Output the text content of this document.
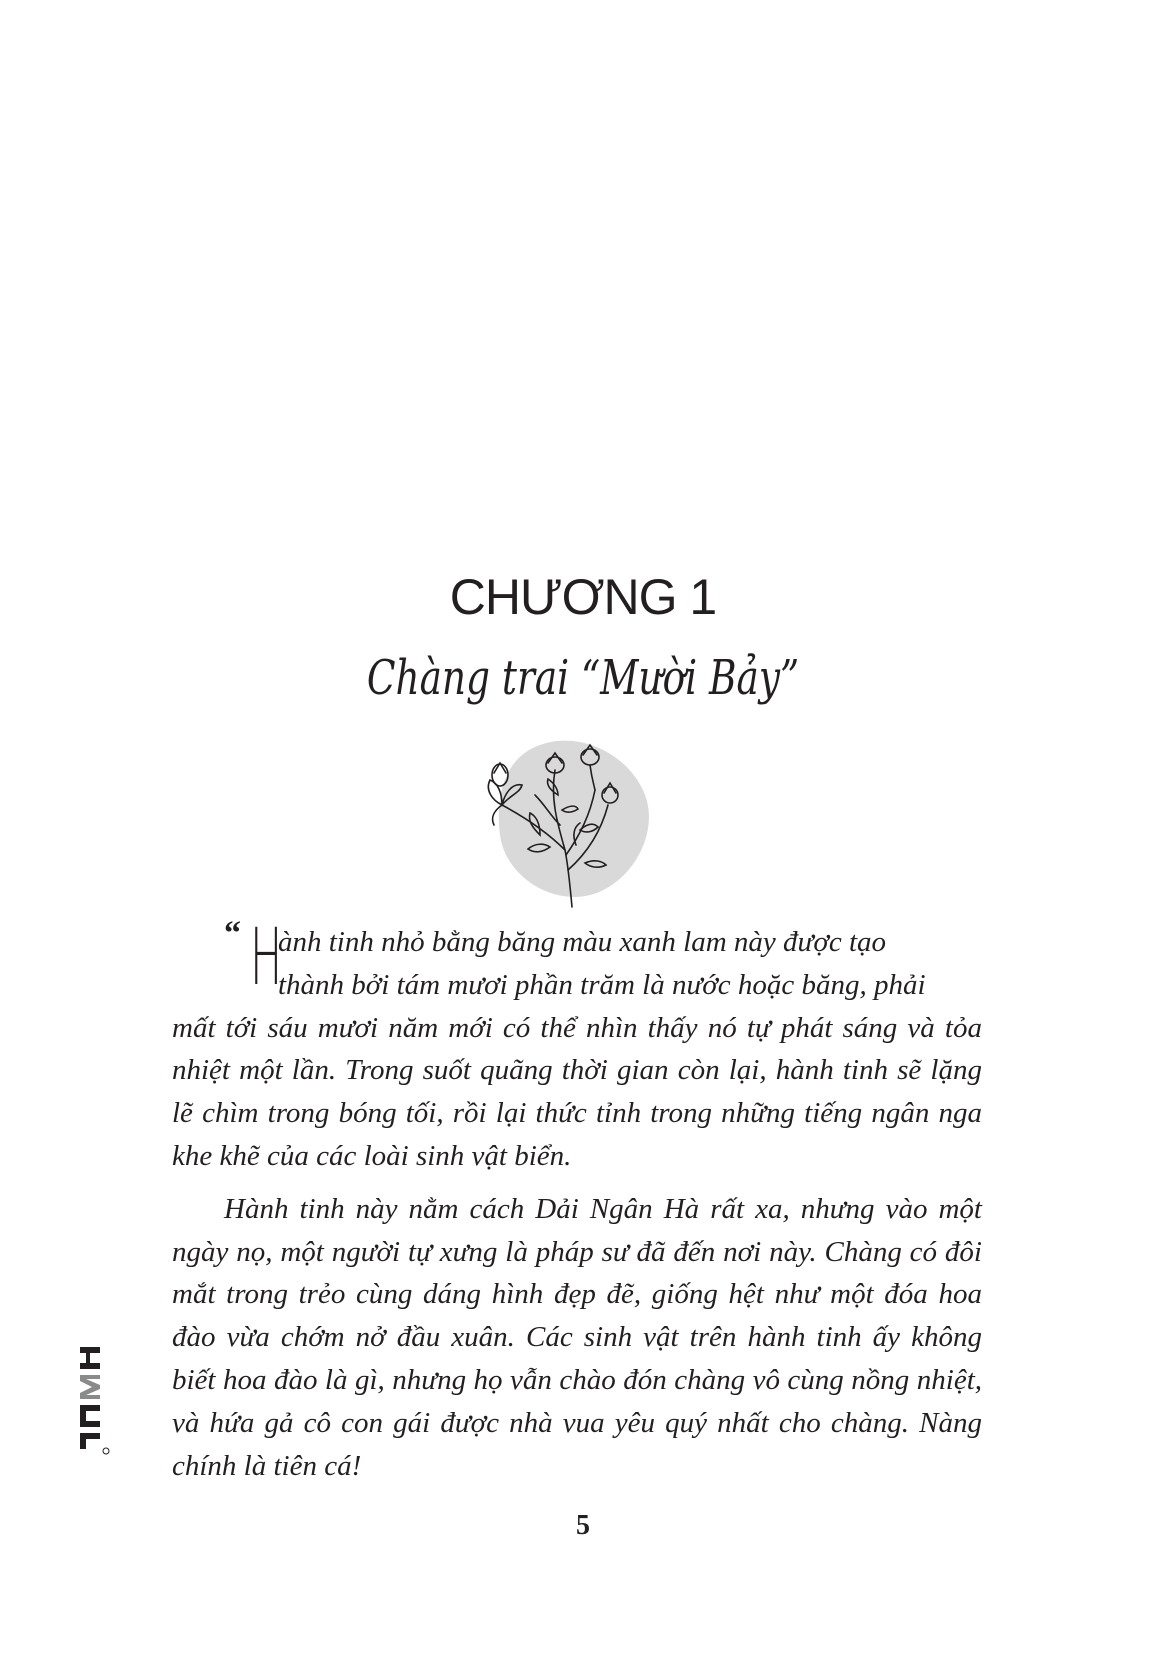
CHƯƠNG 1
Chàng trai “Mười Bảy”
“ H
ành tinh nhỏ bằng băng màu xanh lam này được tạo
thành bởi tám mươi phần trăm là nước hoặc băng, phải

mất tới sáu mươi năm mới có thể nhìn thấy nó tự phát sáng và tỏa nhiệt một lần. Trong suốt quãng thời gian còn lại, hành tinh sẽ lặng lẽ chìm trong bóng tối, rồi lại thức tỉnh trong những tiếng ngân nga khe khẽ của các loài sinh vật biển.

Hành tinh này nằm cách Dải Ngân Hà rất xa, nhưng vào một ngày nọ, một người tự xưng là pháp sư đã đến nơi này. Chàng có đôi mắt trong trẻo cùng dáng hình đẹp đẽ, giống hệt như một đóa hoa đào vừa chớm nở đầu xuân. Các sinh vật trên hành tinh ấy không biết hoa đào là gì, nhưng họ vẫn chào đón chàng vô cùng nồng nhiệt, và hứa gả cô con gái được nhà vua yêu quý nhất cho chàng. Nàng chính là tiên cá!

5
